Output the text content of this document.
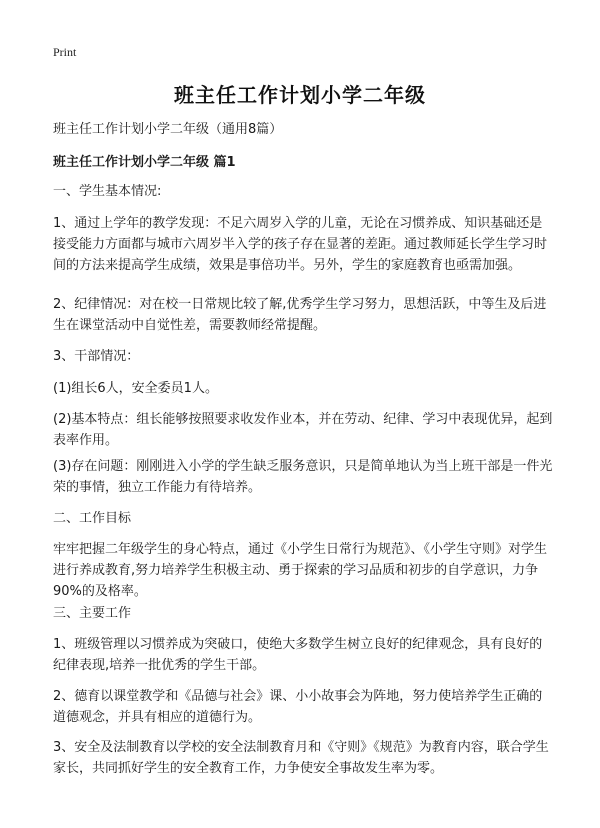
Print
班主任工作计划小学二年级
班主任工作计划小学二年级（通用8篇）
班主任工作计划小学二年级 篇1
一、学生基本情况:
1、通过上学年的教学发现：不足六周岁入学的儿童，无论在习惯养成、知识基础还是接受能力方面都与城市六周岁半入学的孩子存在显著的差距。通过教师延长学生学习时间的方法来提高学生成绩，效果是事倍功半。另外，学生的家庭教育也亟需加强。
2、纪律情况：对在校一日常规比较了解,优秀学生学习努力，思想活跃，中等生及后进生在课堂活动中自觉性差，需要教师经常提醒。
3、干部情况：
(1)组长6人，安全委员1人。
(2)基本特点：组长能够按照要求收发作业本，并在劳动、纪律、学习中表现优异，起到表率作用。
(3)存在问题：刚刚进入小学的学生缺乏服务意识，只是简单地认为当上班干部是一件光荣的事情，独立工作能力有待培养。
二、工作目标
牢牢把握二年级学生的身心特点，通过《小学生日常行为规范》、《小学生守则》对学生进行养成教育,努力培养学生积极主动、勇于探索的学习品质和初步的自学意识，力争90%的及格率。
三、主要工作
1、班级管理以习惯养成为突破口，使绝大多数学生树立良好的纪律观念，具有良好的纪律表现,培养一批优秀的学生干部。
2、德育以课堂教学和《品德与社会》课、小小故事会为阵地，努力使培养学生正确的道德观念，并具有相应的道德行为。
3、安全及法制教育以学校的安全法制教育月和《守则》《规范》为教育内容，联合学生家长，共同抓好学生的安全教育工作，力争使安全事故发生率为零。
